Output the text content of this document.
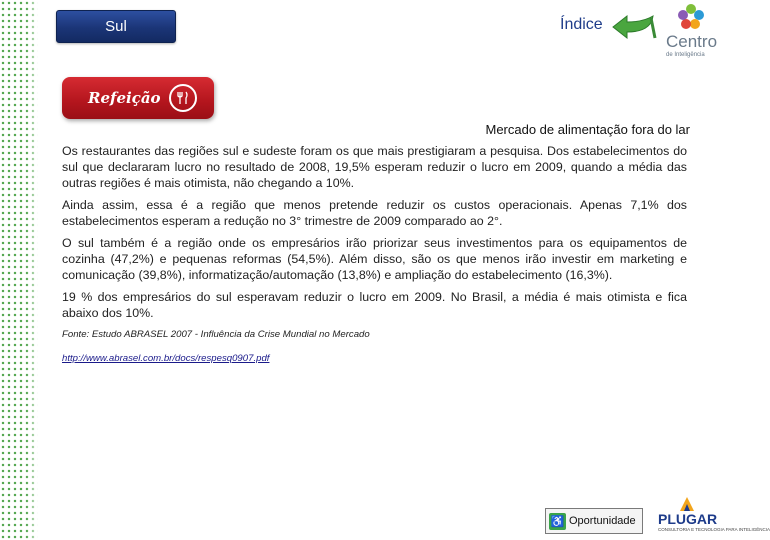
Sul	Índice
Centro
de Inteligência
Refeição
Mercado de alimentação fora do lar

Os restaurantes das regiões sul e sudeste foram os que mais prestigiaram a pesquisa. Dos estabelecimentos do sul que declararam lucro no resultado de 2008, 19,5% esperam reduzir o lucro em 2009, quando a média das outras regiões é mais otimista, não chegando a 10%.

Ainda assim, essa é a região que menos pretende reduzir os custos operacionais. Apenas 7,1% dos estabelecimentos esperam a redução no 3° trimestre de 2009 comparado ao 2°.

O sul também é a região onde os empresários irão priorizar seus investimentos para os equipamentos de cozinha (47,2%) e pequenas reformas (54,5%). Além disso, são os que menos irão investir em marketing e comunicação (39,8%), informatização/automação (13,8%) e ampliação do estabelecimento (16,3%).

19 % dos empresários do sul esperavam reduzir o lucro em 2009. No Brasil, a média é mais otimista e fica abaixo dos 10%.

Fonte: Estudo ABRASEL 2007 - Influência da Crise Mundial no Mercado

http://www.abrasel.com.br/docs/respesq0907.pdf
♿ Oportunidade PLUGAR
CONSULTORIA E TECNOLOGIA PARA INTELIGÊNCIA
